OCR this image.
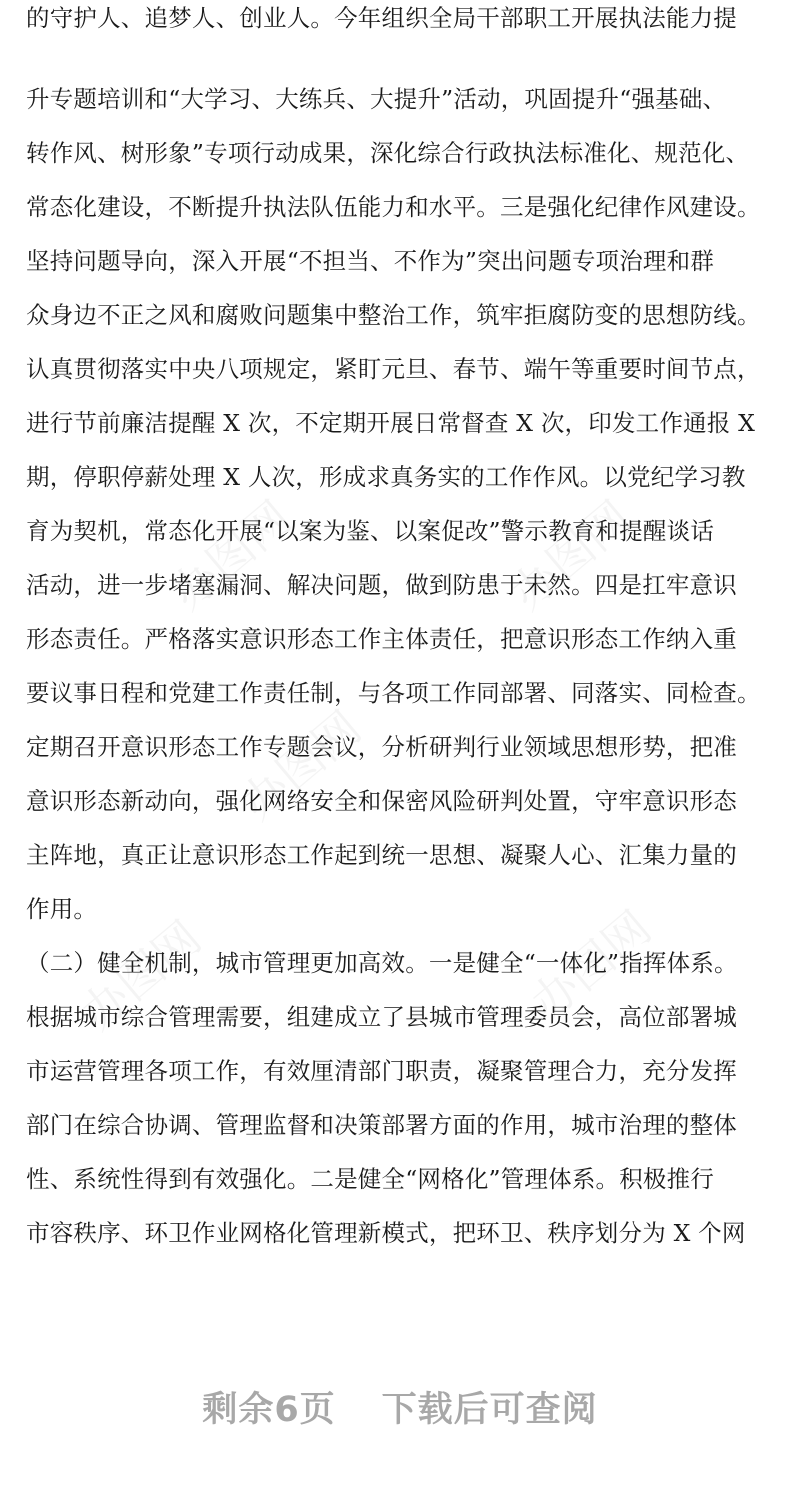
的守护人、追梦人、创业人。今年组织全局干部职工开展执法能力提
升专题培训和“大学习、大练兵、大提升”活动，巩固提升“强基础、
转作风、树形象”专项行动成果，深化综合行政执法标准化、规范化、
常态化建设，不断提升执法队伍能力和水平。三是强化纪律作风建设。
坚持问题导向，深入开展“不担当、不作为”突出问题专项治理和群
众身边不正之风和腐败问题集中整治工作，筑牢拒腐防变的思想防线。
认真贯彻落实中央八项规定，紧盯元旦、春节、端午等重要时间节点，
进行节前廉洁提醒 X 次，不定期开展日常督查 X 次，印发工作通报 X
期，停职停薪处理 X 人次，形成求真务实的工作作风。以党纪学习教
育为契机，常态化开展“以案为鉴、以案促改”警示教育和提醒谈话
活动，进一步堵塞漏洞、解决问题，做到防患于未然。四是扛牢意识
形态责任。严格落实意识形态工作主体责任，把意识形态工作纳入重
要议事日程和党建工作责任制，与各项工作同部署、同落实、同检查。
定期召开意识形态工作专题会议，分析研判行业领域思想形势，把准
意识形态新动向，强化网络安全和保密风险研判处置，守牢意识形态
主阵地，真正让意识形态工作起到统一思想、凝聚人心、汇集力量的
作用。
（二）健全机制，城市管理更加高效。一是健全“一体化”指挥体系。
根据城市综合管理需要，组建成立了县城市管理委员会，高位部署城
市运营管理各项工作，有效厘清部门职责，凝聚管理合力，充分发挥
部门在综合协调、管理监督和决策部署方面的作用，城市治理的整体
性、系统性得到有效强化。二是健全“网格化”管理体系。积极推行
市容秩序、环卫作业网格化管理新模式，把环卫、秩序划分为 X 个网
剩余6页 下载后可查阅
